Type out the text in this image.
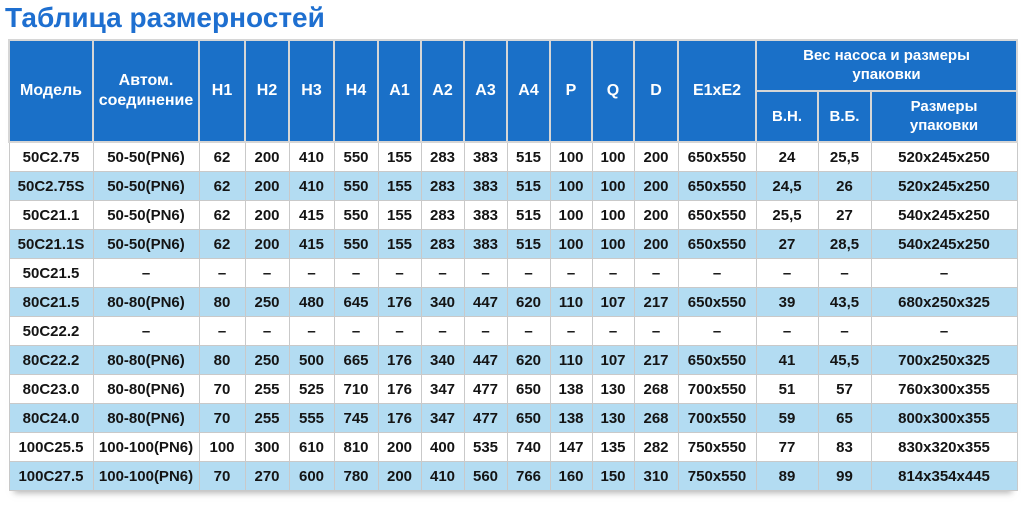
Таблица размерностей
Модель	Автом. соединение	H1	H2	H3	H4	A1	A2	A3	A4	P	Q	D	E1xE2	Вес насоса и размеры упаковки		
														В.Н.	В.Б.	Размеры упаковки
50C2.75	50-50(PN6)	62	200	410	550	155	283	383	515	100	100	200	650x550	24	25,5	520x245x250
50C2.75S	50-50(PN6)	62	200	410	550	155	283	383	515	100	100	200	650x550	24,5	26	520x245x250
50C21.1	50-50(PN6)	62	200	415	550	155	283	383	515	100	100	200	650x550	25,5	27	540x245x250
50C21.1S	50-50(PN6)	62	200	415	550	155	283	383	515	100	100	200	650x550	27	28,5	540x245x250
50C21.5	–	–	–	–	–	–	–	–	–	–	–	–	–	–	–	–
80C21.5	80-80(PN6)	80	250	480	645	176	340	447	620	110	107	217	650x550	39	43,5	680x250x325
50C22.2	–	–	–	–	–	–	–	–	–	–	–	–	–	–	–	–
80C22.2	80-80(PN6)	80	250	500	665	176	340	447	620	110	107	217	650x550	41	45,5	700x250x325
80C23.0	80-80(PN6)	70	255	525	710	176	347	477	650	138	130	268	700x550	51	57	760x300x355
80C24.0	80-80(PN6)	70	255	555	745	176	347	477	650	138	130	268	700x550	59	65	800x300x355
100C25.5	100-100(PN6)	100	300	610	810	200	400	535	740	147	135	282	750x550	77	83	830x320x355
100C27.5	100-100(PN6)	70	270	600	780	200	410	560	766	160	150	310	750x550	89	99	814x354x445
